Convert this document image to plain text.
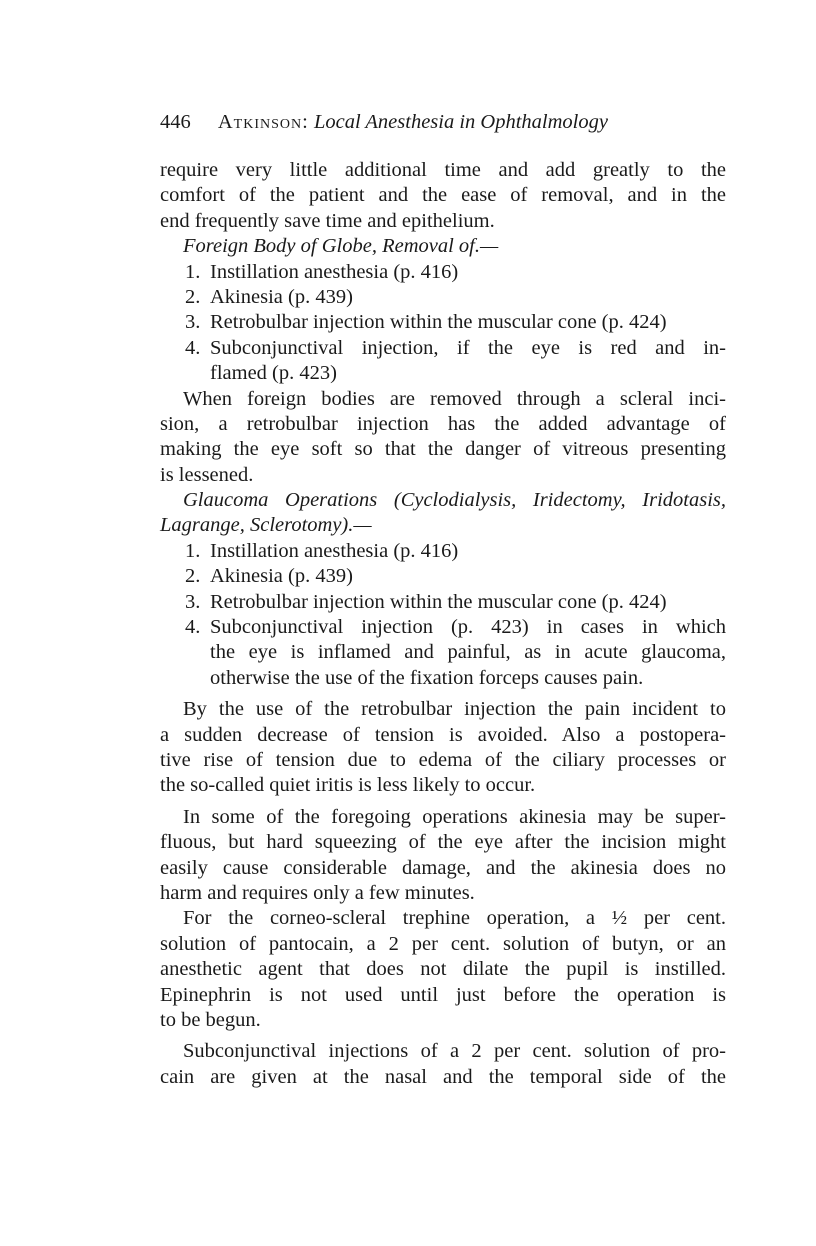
446 Atkinson: Local Anesthesia in Ophthalmology
require very little additional time and add greatly to the
comfort of the patient and the ease of removal, and in the
end frequently save time and epithelium.
Foreign Body of Globe, Removal of.—
1. Instillation anesthesia (p. 416)
2. Akinesia (p. 439)
3. Retrobulbar injection within the muscular cone (p. 424)
4. Subconjunctival injection, if the eye is red and in-
flamed (p. 423)
When foreign bodies are removed through a scleral inci-
sion, a retrobulbar injection has the added advantage of
making the eye soft so that the danger of vitreous presenting
is lessened.
Glaucoma Operations (Cyclodialysis, Iridectomy, Iridotasis,
Lagrange, Sclerotomy).—
1. Instillation anesthesia (p. 416)
2. Akinesia (p. 439)
3. Retrobulbar injection within the muscular cone (p. 424)
4. Subconjunctival injection (p. 423) in cases in which
the eye is inflamed and painful, as in acute glaucoma,
otherwise the use of the fixation forceps causes pain.
By the use of the retrobulbar injection the pain incident to
a sudden decrease of tension is avoided. Also a postopera-
tive rise of tension due to edema of the ciliary processes or
the so-called quiet iritis is less likely to occur.
In some of the foregoing operations akinesia may be super-
fluous, but hard squeezing of the eye after the incision might
easily cause considerable damage, and the akinesia does no
harm and requires only a few minutes.
For the corneo-scleral trephine operation, a ½ per cent.
solution of pantocain, a 2 per cent. solution of butyn, or an
anesthetic agent that does not dilate the pupil is instilled.
Epinephrin is not used until just before the operation is
to be begun.
Subconjunctival injections of a 2 per cent. solution of pro-
cain are given at the nasal and the temporal side of the
